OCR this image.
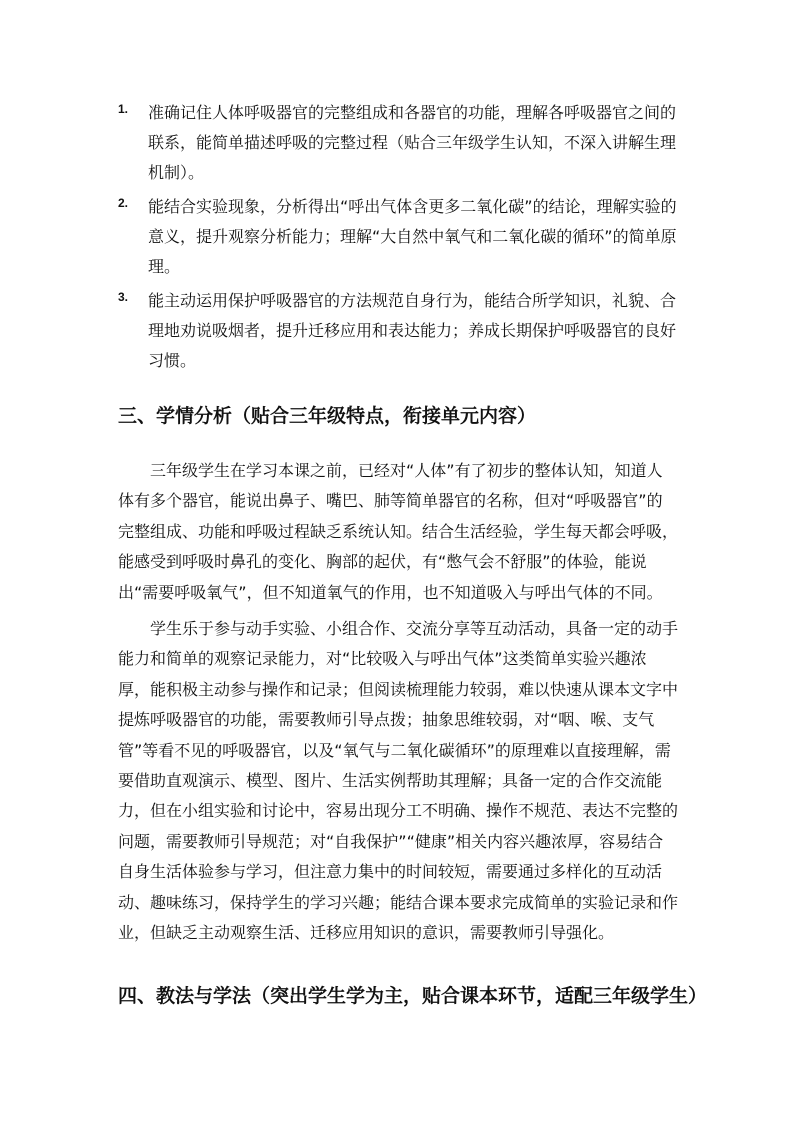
1. 准确记住人体呼吸器官的完整组成和各器官的功能，理解各呼吸器官之间的联系，能简单描述呼吸的完整过程（贴合三年级学生认知，不深入讲解生理机制）。
2. 能结合实验现象，分析得出“呼出气体含更多二氧化碳”的结论，理解实验的意义，提升观察分析能力；理解“大自然中氧气和二氧化碳的循环”的简单原理。
3. 能主动运用保护呼吸器官的方法规范自身行为，能结合所学知识，礼貌、合理地劝说吸烟者，提升迁移应用和表达能力；养成长期保护呼吸器官的良好习惯。
三、学情分析（贴合三年级特点，衔接单元内容）

三年级学生在学习本课之前，已经对“人体”有了初步的整体认知，知道人体有多个器官，能说出鼻子、嘴巴、肺等简单器官的名称，但对“呼吸器官”的完整组成、功能和呼吸过程缺乏系统认知。结合生活经验，学生每天都会呼吸，能感受到呼吸时鼻孔的变化、胸部的起伏，有“憋气会不舒服”的体验，能说出“需要呼吸氧气”，但不知道氧气的作用，也不知道吸入与呼出气体的不同。

学生乐于参与动手实验、小组合作、交流分享等互动活动，具备一定的动手能力和简单的观察记录能力，对“比较吸入与呼出气体”这类简单实验兴趣浓厚，能积极主动参与操作和记录；但阅读梳理能力较弱，难以快速从课本文字中提炼呼吸器官的功能，需要教师引导点拨；抽象思维较弱，对“咽、喉、支气管”等看不见的呼吸器官，以及“氧气与二氧化碳循环”的原理难以直接理解，需要借助直观演示、模型、图片、生活实例帮助其理解；具备一定的合作交流能力，但在小组实验和讨论中，容易出现分工不明确、操作不规范、表达不完整的问题，需要教师引导规范；对“自我保护”“健康”相关内容兴趣浓厚，容易结合自身生活体验参与学习，但注意力集中的时间较短，需要通过多样化的互动活动、趣味练习，保持学生的学习兴趣；能结合课本要求完成简单的实验记录和作业，但缺乏主动观察生活、迁移应用知识的意识，需要教师引导强化。

四、教法与学法（突出学生学为主，贴合课本环节，适配三年级学生）
